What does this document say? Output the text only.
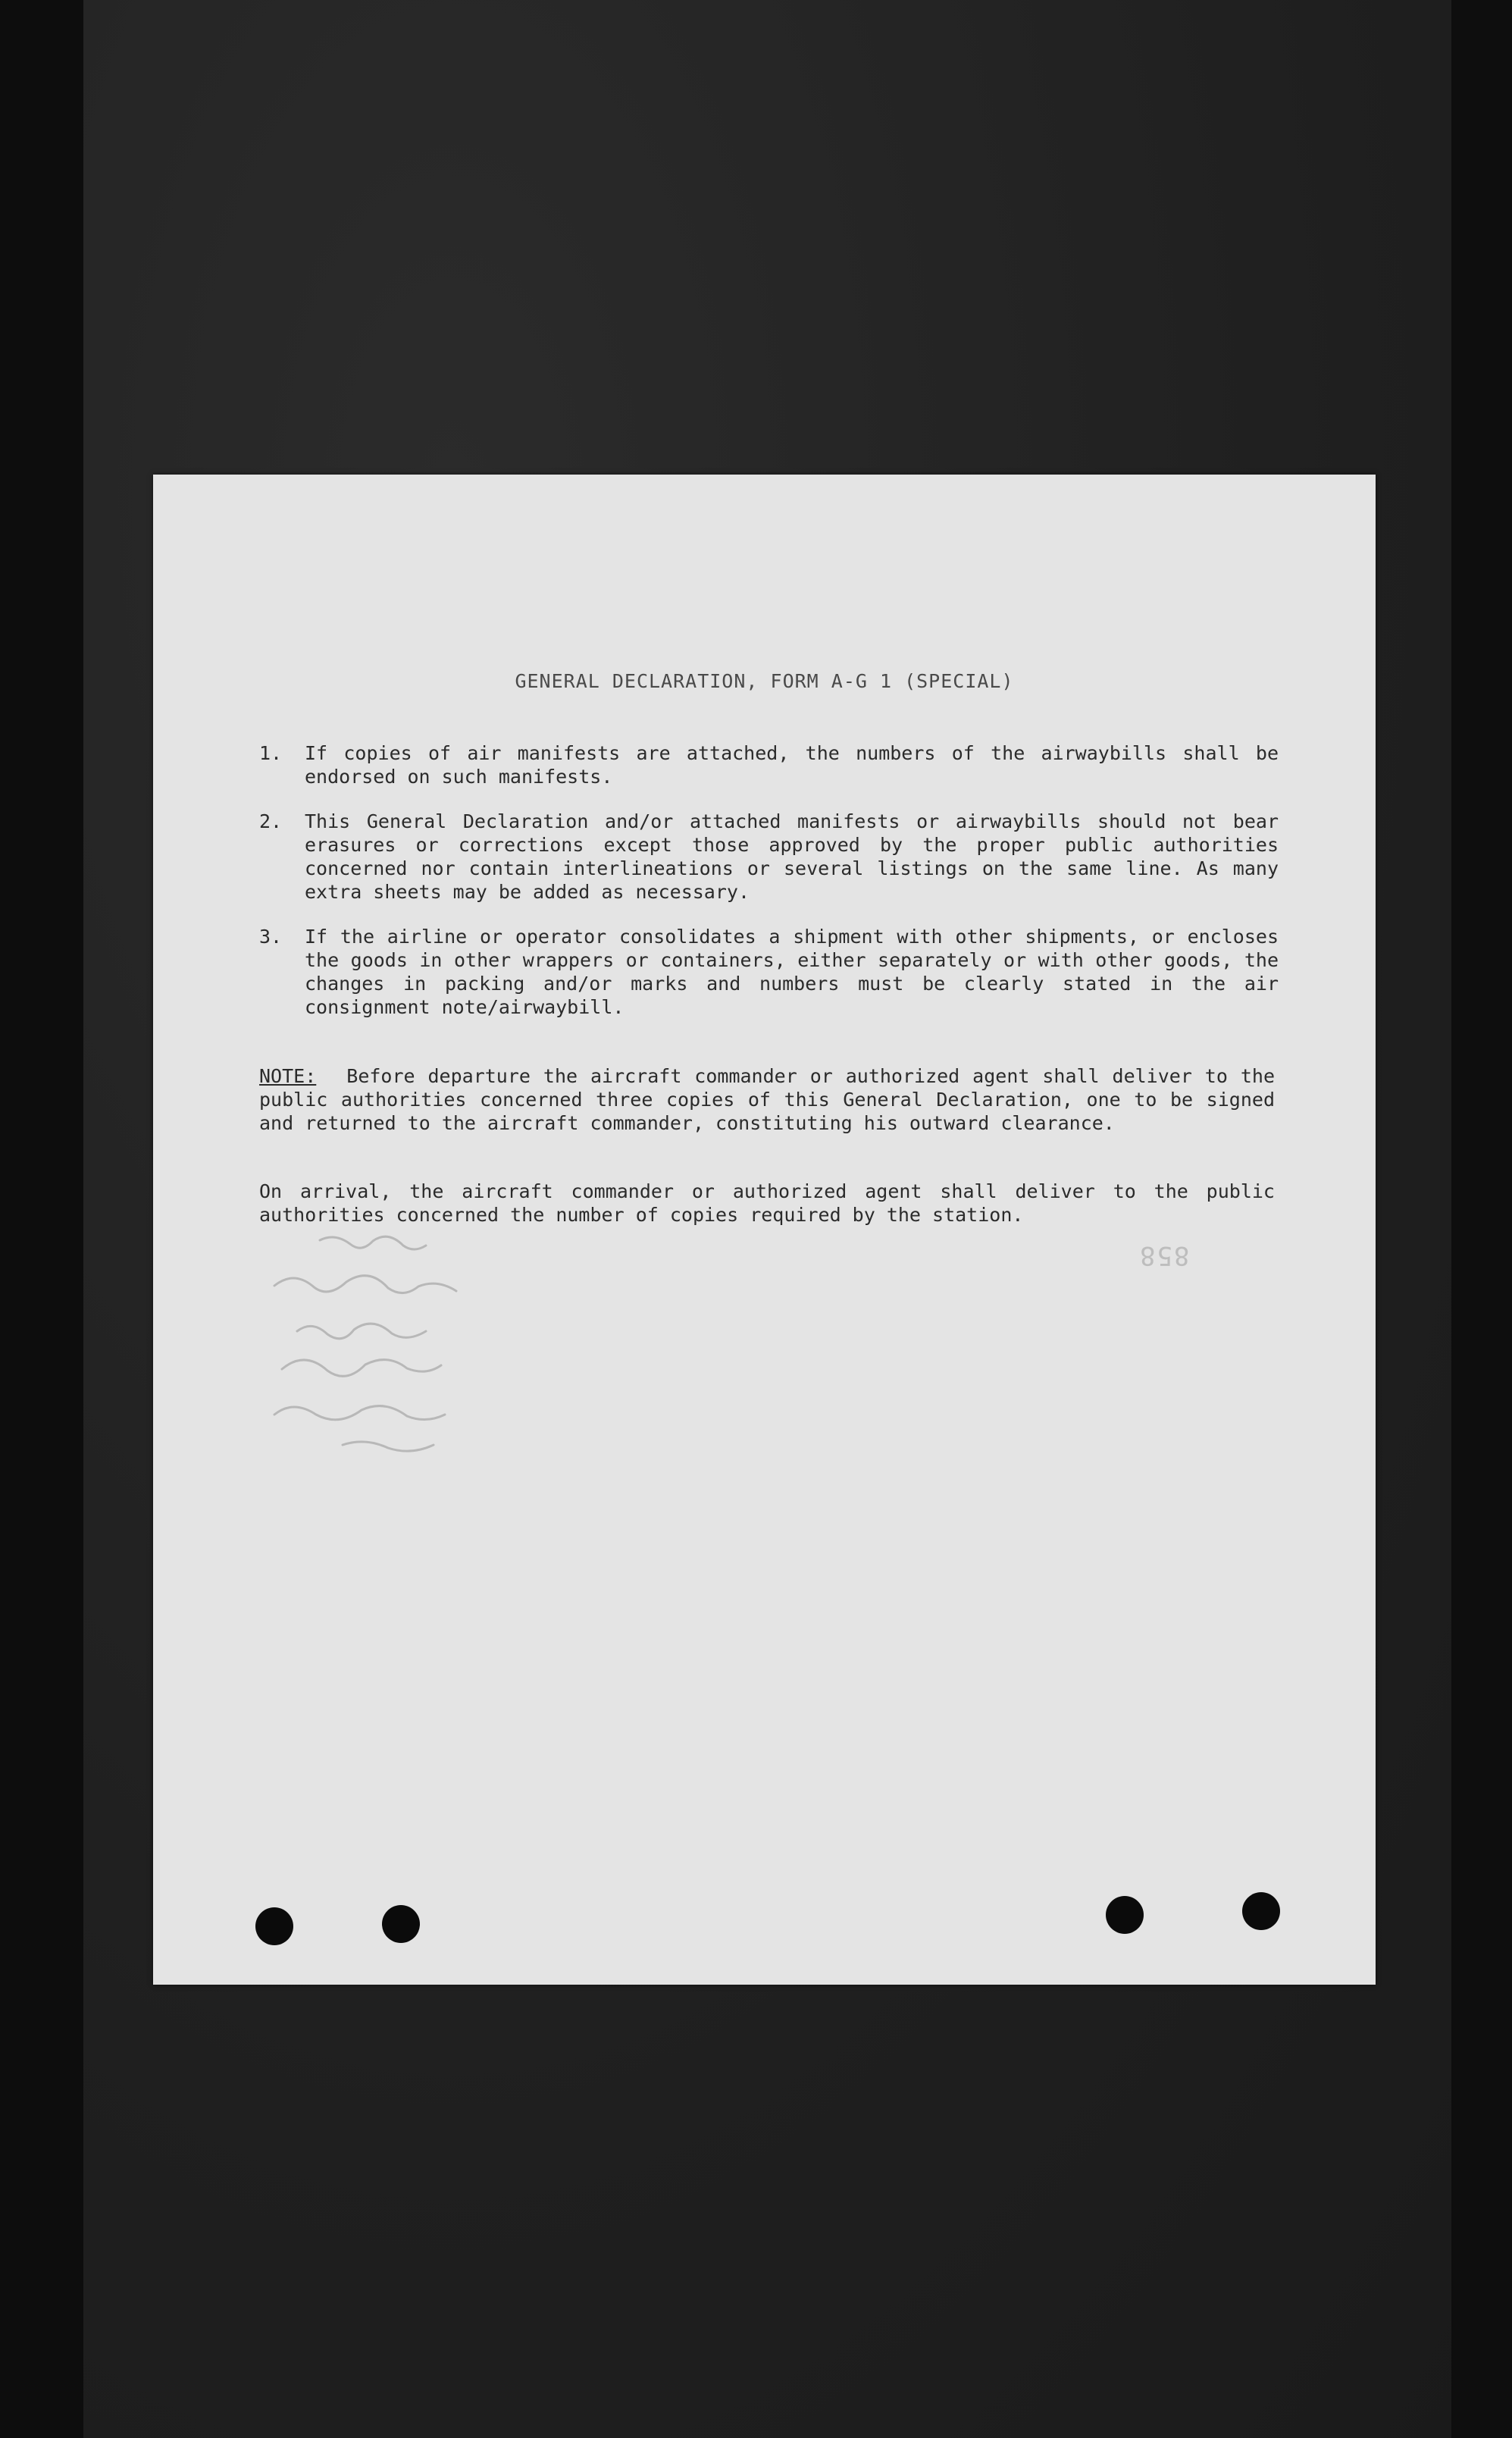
GENERAL DECLARATION, FORM A-G 1 (SPECIAL)
1. If copies of air manifests are attached, the numbers of the airwaybills shall be endorsed on such manifests.
2. This General Declaration and/or attached manifests or airwaybills should not bear erasures or corrections except those approved by the proper public authorities concerned nor contain interlineations or several listings on the same line. As many extra sheets may be added as necessary.
3. If the airline or operator consolidates a shipment with other shipments, or encloses the goods in other wrappers or containers, either separately or with other goods, the changes in packing and/or marks and numbers must be clearly stated in the air consignment note/airwaybill.
NOTE: Before departure the aircraft commander or authorized agent shall deliver to the public authorities concerned three copies of this General Declaration, one to be signed and returned to the aircraft commander, constituting his outward clearance.
On arrival, the aircraft commander or authorized agent shall deliver to the public authorities concerned the number of copies required by the station.
858
